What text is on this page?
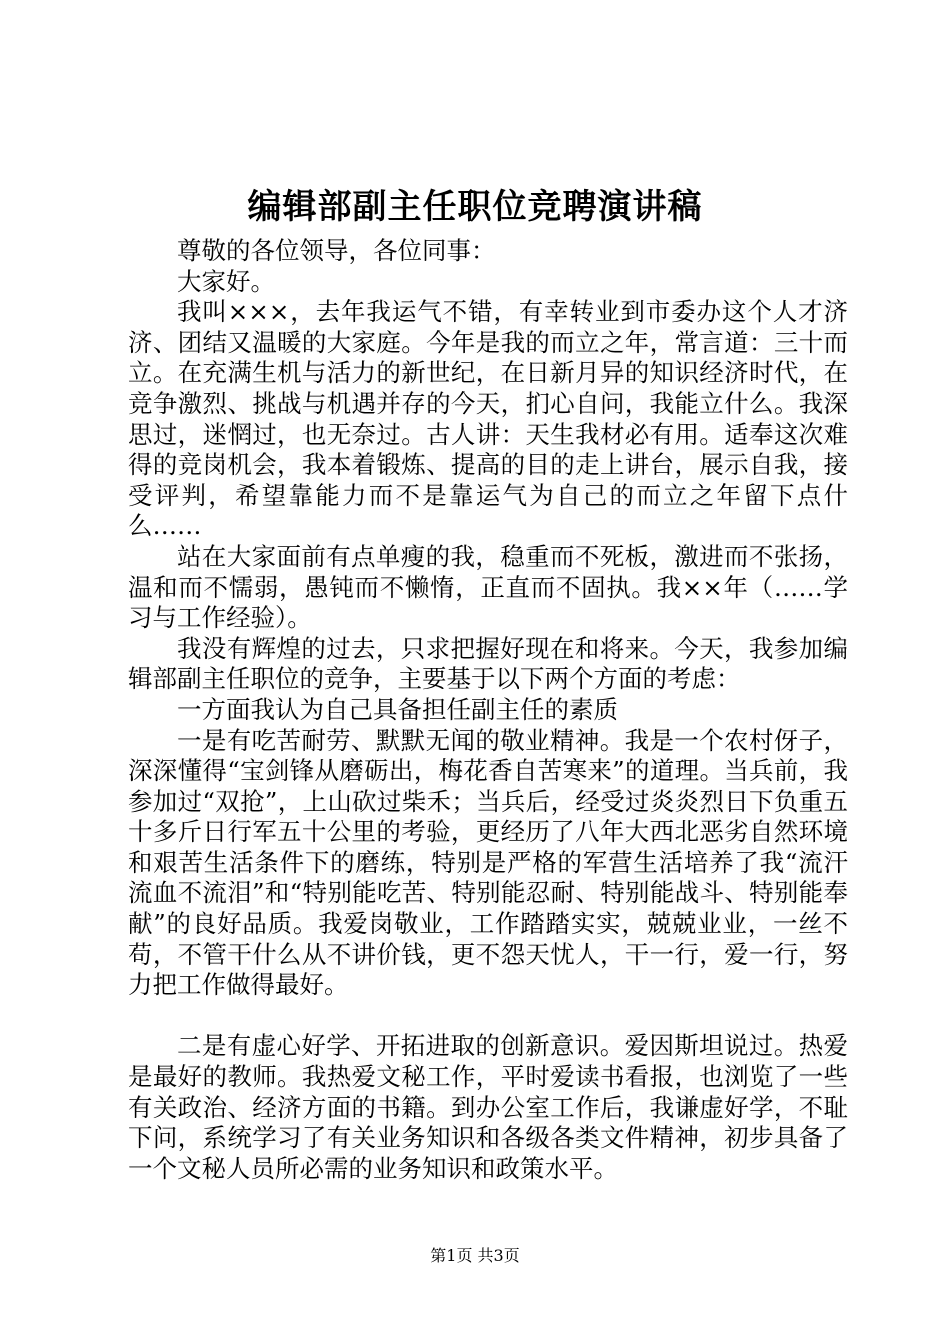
编辑部副主任职位竞聘演讲稿

尊敬的各位领导，各位同事：

大家好。

我叫×××，去年我运气不错，有幸转业到市委办这个人才济济、团结又温暖的大家庭。今年是我的而立之年，常言道：三十而立。在充满生机与活力的新世纪，在日新月异的知识经济时代，在竞争激烈、挑战与机遇并存的今天，扪心自问，我能立什么。我深思过，迷惘过，也无奈过。古人讲：天生我材必有用。适奉这次难得的竞岗机会，我本着锻炼、提高的目的走上讲台，展示自我，接受评判，希望靠能力而不是靠运气为自己的而立之年留下点什么……

站在大家面前有点单瘦的我，稳重而不死板，激进而不张扬，温和而不懦弱，愚钝而不懒惰，正直而不固执。我××年（……学习与工作经验）。

我没有辉煌的过去，只求把握好现在和将来。今天，我参加编辑部副主任职位的竞争，主要基于以下两个方面的考虑：

一方面我认为自己具备担任副主任的素质

一是有吃苦耐劳、默默无闻的敬业精神。我是一个农村伢子，深深懂得“宝剑锋从磨砺出，梅花香自苦寒来”的道理。当兵前，我参加过“双抢”，上山砍过柴禾；当兵后，经受过炎炎烈日下负重五十多斤日行军五十公里的考验，更经历了八年大西北恶劣自然环境和艰苦生活条件下的磨练，特别是严格的军营生活培养了我“流汗流血不流泪”和“特别能吃苦、特别能忍耐、特别能战斗、特别能奉献”的良好品质。我爱岗敬业，工作踏踏实实，兢兢业业，一丝不苟，不管干什么从不讲价钱，更不怨天忧人，干一行，爱一行，努力把工作做得最好。

二是有虚心好学、开拓进取的创新意识。爱因斯坦说过。热爱是最好的教师。我热爱文秘工作，平时爱读书看报，也浏览了一些有关政治、经济方面的书籍。到办公室工作后，我谦虚好学，不耻下问，系统学习了有关业务知识和各级各类文件精神，初步具备了一个文秘人员所必需的业务知识和政策水平。

第1页 共3页
